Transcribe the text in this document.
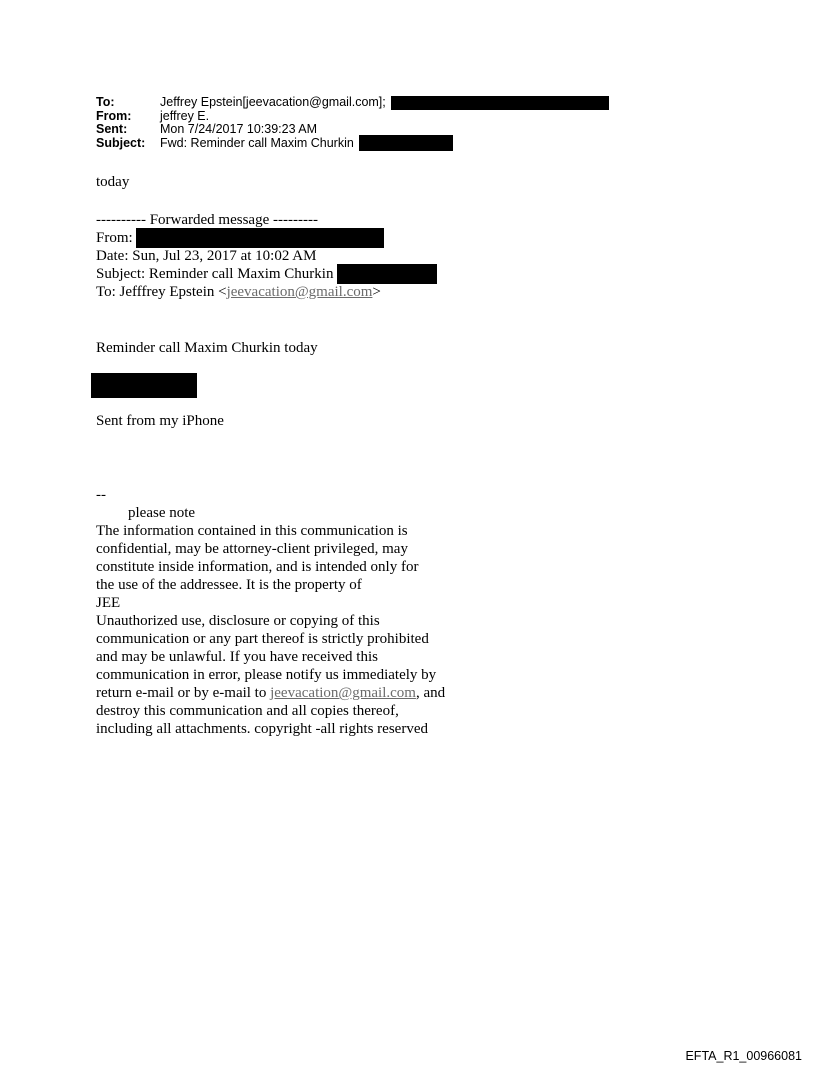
To:	Jeffrey Epstein[jeevacation@gmail.com];
From:	jeffrey E.
Sent:	Mon 7/24/2017 10:39:23 AM
Subject:	Fwd: Reminder call Maxim Churkin
today
---------- Forwarded message ---------
From:
Date: Sun, Jul 23, 2017 at 10:02 AM
Subject: Reminder call Maxim Churkin
To: Jefffrey Epstein < jeevacation@gmail.com >
Reminder call Maxim Churkin today
Sent from my iPhone
--
please note
The information contained in this communication is
confidential, may be attorney-client privileged, may
constitute inside information, and is intended only for
the use of the addressee. It is the property of
JEE
Unauthorized use, disclosure or copying of this
communication or any part thereof is strictly prohibited
and may be unlawful. If you have received this
communication in error, please notify us immediately by
return e-mail or by e-mail to jeevacation@gmail.com , and
destroy this communication and all copies thereof,
including all attachments. copyright -all rights reserved
EFTA_R1_00966081
